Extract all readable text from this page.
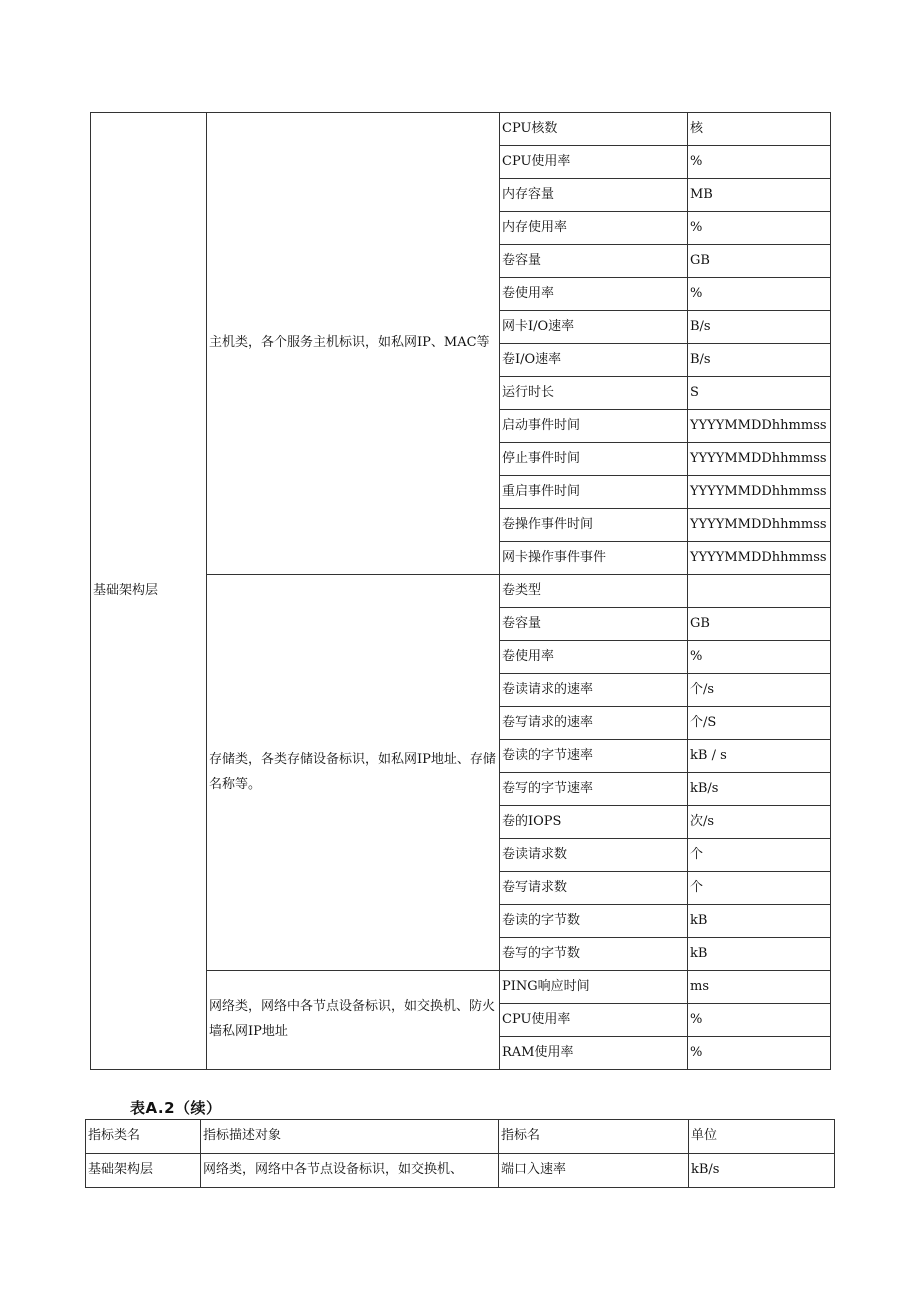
基础架构层	主机类，各个服务主机标识，如私网IP、MAC等	CPU核数	核
		CPU使用率	%
		内存容量	MB
		内存使用率	%
		卷容量	GB
		卷使用率	%
		网卡I/O速率	B/s
		卷I/O速率	B/s
		运行时长	S
		启动事件时间	YYYYMMDDhhmmss
		停止事件时间	YYYYMMDDhhmmss
		重启事件时间	YYYYMMDDhhmmss
		卷操作事件时间	YYYYMMDDhhmmss
		网卡操作事件事件	YYYYMMDDhhmmss
	存储类，各类存储设备标识，如私网IP地址、存储名称等。	卷类型	
		卷容量	GB
		卷使用率	%
		卷读请求的速率	个/s
		卷写请求的速率	个/S
		卷读的字节速率	kB / s
		卷写的字节速率	kB/s
		卷的IOPS	次/s
		卷读请求数	个
		卷写请求数	个
		卷读的字节数	kB
		卷写的字节数	kB
	网络类，网络中各节点设备标识，如交换机、防火墙私网IP地址	PING响应时间	ms
		CPU使用率	%
		RAM使用率	%
表A.2（续）
指标类名	指标描述对象	指标名	单位
基础架构层	网络类，网络中各节点设备标识，如交换机、	端口入速率	kB/s
